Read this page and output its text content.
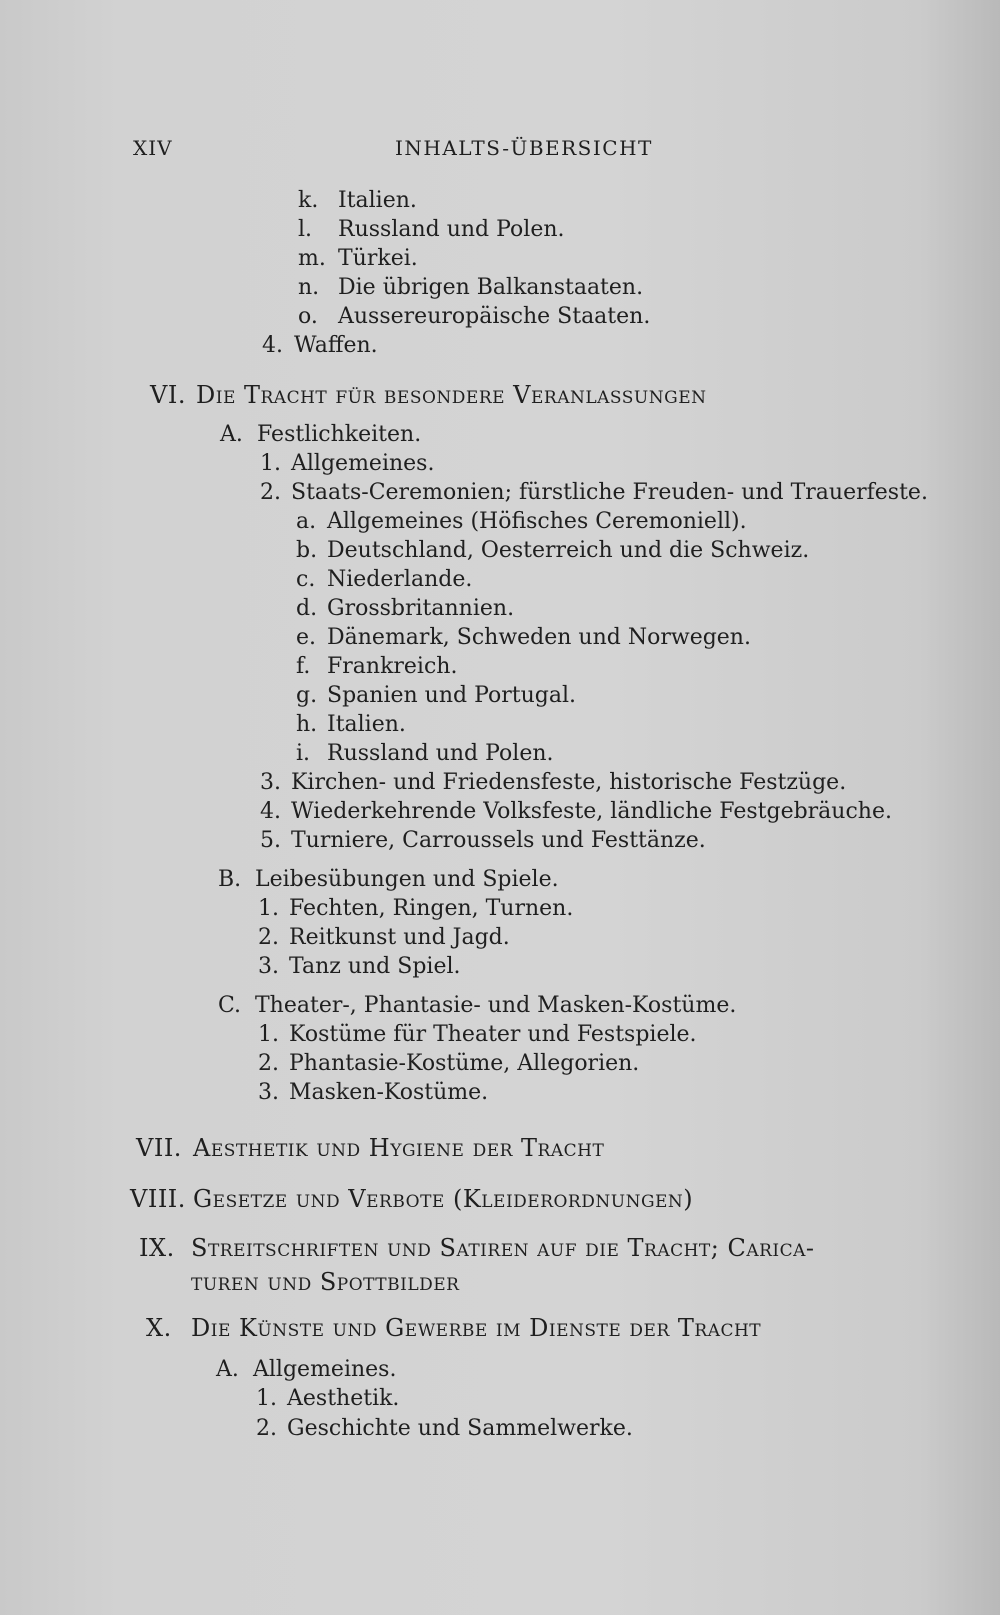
XIV	INHALTS-ÜBERSICHT
k. Italien.
l. Russland und Polen.
m. Türkei.
n. Die übrigen Balkanstaaten.
o. Aussereuropäische Staaten.
4. Waffen.
VI. Die Tracht für besondere Veranlassungen
A. Festlichkeiten.
1. Allgemeines.
2. Staats-Ceremonien; fürstliche Freuden- und Trauerfeste.
a. Allgemeines (Höfisches Ceremoniell).
b. Deutschland, Oesterreich und die Schweiz.
c. Niederlande.
d. Grossbritannien.
e. Dänemark, Schweden und Norwegen.
f. Frankreich.
g. Spanien und Portugal.
h. Italien.
i. Russland und Polen.
3. Kirchen- und Friedensfeste, historische Festzüge.
4. Wiederkehrende Volksfeste, ländliche Festgebräuche.
5. Turniere, Carroussels und Festtänze.
B. Leibesübungen und Spiele.
1. Fechten, Ringen, Turnen.
2. Reitkunst und Jagd.
3. Tanz und Spiel.
C. Theater-, Phantasie- und Masken-Kostüme.
1. Kostüme für Theater und Festspiele.
2. Phantasie-Kostüme, Allegorien.
3. Masken-Kostüme.
VII. Aesthetik und Hygiene der Tracht
VIII. Gesetze und Verbote (Kleiderordnungen)
IX. Streitschriften und Satiren auf die Tracht; Carica-
turen und Spottbilder
X. Die Künste und Gewerbe im Dienste der Tracht
A. Allgemeines.
1. Aesthetik.
2. Geschichte und Sammelwerke.
